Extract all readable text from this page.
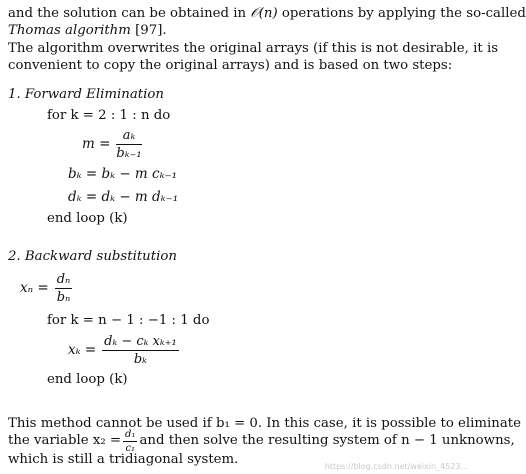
and the solution can be obtained in 𝒪(n) operations by applying the so-called
Thomas algorithm [97].
The algorithm overwrites the original arrays (if this is not desirable, it is
convenient to copy the original arrays) and is based on two steps:
1. Forward Elimination
for k = 2 : 1 : n do
$m = \frac{\text{aₖ}}{\text{bₖ₋₁}}$
bₖ = bₖ − m cₖ₋₁
dₖ = dₖ − m dₖ₋₁
end loop (k)
2. Backward substitution
$x_n = \frac{\text{dₙ}}{\text{bₙ}}$
for k = n − 1 : −1 : 1 do
$x_k = \frac{\text{dₖ − cₖ xₖ₊₁}}{\text{bₖ}}$
end loop (k)
This method cannot be used if b₁ = 0. In this case, it is possible to eliminate
the variable $x_2 = \frac{\text{d₁}}{\text{c₁}}$ and then solve the resulting system of n − 1 unknowns,
which is still a tridiagonal system.	https://blog.csdn.net/weixin_4523...
